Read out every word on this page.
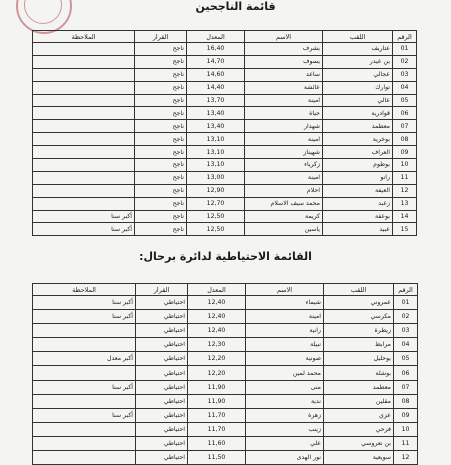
قائمة الناجحين
الرقم	اللقب	الاسم	المعدل	القرار	الملاحظة
01	عتاريف	بشرف	16,40	ناجح	
02	بن عيدر	يسوف	14,70	ناجح	
03	عجالي	ساعد	14,60	ناجح	
04	توارك	عائشة	14,40	ناجح	
05	عالي	امينة	13,70	ناجح	
06	قوادرية	حياة	13,40	ناجح	
07	معطمد	شهدار	13,40	ناجح	
08	بوخرية	امينة	13,10	ناجح	
09	العراف	شهيناز	13,10	ناجح	
10	بوطوم	زكرياء	13,10	ناجح	
11	رانو	امينة	13,00	ناجح	
12	العيفة	احلام	12,90	ناجح	
13	زعبد	محمد سيف الاسلام	12,70	ناجح	
14	بوعقة	كريمة	12,50	ناجح	أكبر سنا
15	عبيد	ياسين	12,50	ناجح	أكبر سنا
القائمة الاحتياطية لدائرة برحال:
الرقم	اللقب	الاسم	المعدل	القرار	الملاحظة
01	عمروني	شيماء	12,40	احتياطي	أكبر سنا
02	مكرسي	امينة	12,40	احتياطي	أكبر سنا
03	زيطرة	رانية	12,40	احتياطي	
04	مرابط	نبيلة	12,30	احتياطي	
05	بوحليل	صونية	12,20	احتياطي	أكبر معدل
06	بوشلة	محمد لمين	12,20	احتياطي	
07	معطمد	منى	11,90	احتياطي	أكبر سنا
08	مقلين	ندية	11,90	احتياطي	
09	عزي	زهرة	11,70	احتياطي	أكبر سنا
10	فرحي	زينب	11,70	احتياطي	
11	بن نعروسي	علي	11,60	احتياطي	
12	سويعية	نور الهدى	11,50	احتياطي	
